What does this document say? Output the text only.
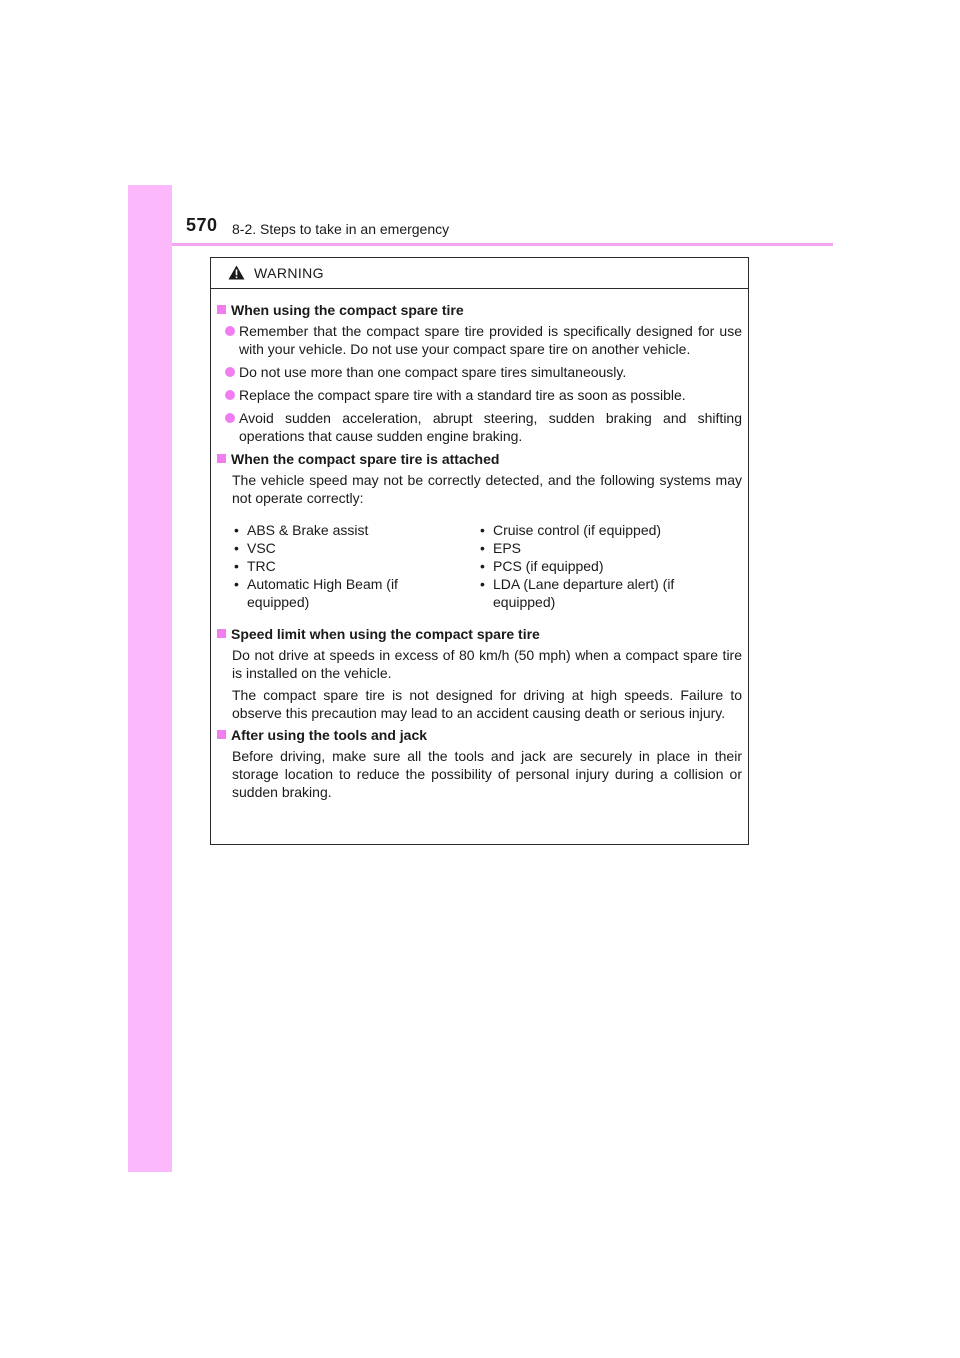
570 8-2. Steps to take in an emergency
WARNING
When using the compact spare tire
Remember that the compact spare tire provided is specifically designed for use with your vehicle. Do not use your compact spare tire on another vehicle.
Do not use more than one compact spare tires simultaneously.
Replace the compact spare tire with a standard tire as soon as possible.
Avoid sudden acceleration, abrupt steering, sudden braking and shifting operations that cause sudden engine braking.
When the compact spare tire is attached
The vehicle speed may not be correctly detected, and the following systems may not operate correctly:
• ABS & Brake assist
• VSC
• TRC
• Automatic High Beam (if equipped)
• Cruise control (if equipped)
• EPS
• PCS (if equipped)
• LDA (Lane departure alert) (if equipped)
Speed limit when using the compact spare tire
Do not drive at speeds in excess of 80 km/h (50 mph) when a compact spare tire is installed on the vehicle.
The compact spare tire is not designed for driving at high speeds. Failure to observe this precaution may lead to an accident causing death or serious injury.
After using the tools and jack
Before driving, make sure all the tools and jack are securely in place in their storage location to reduce the possibility of personal injury during a collision or sudden braking.
